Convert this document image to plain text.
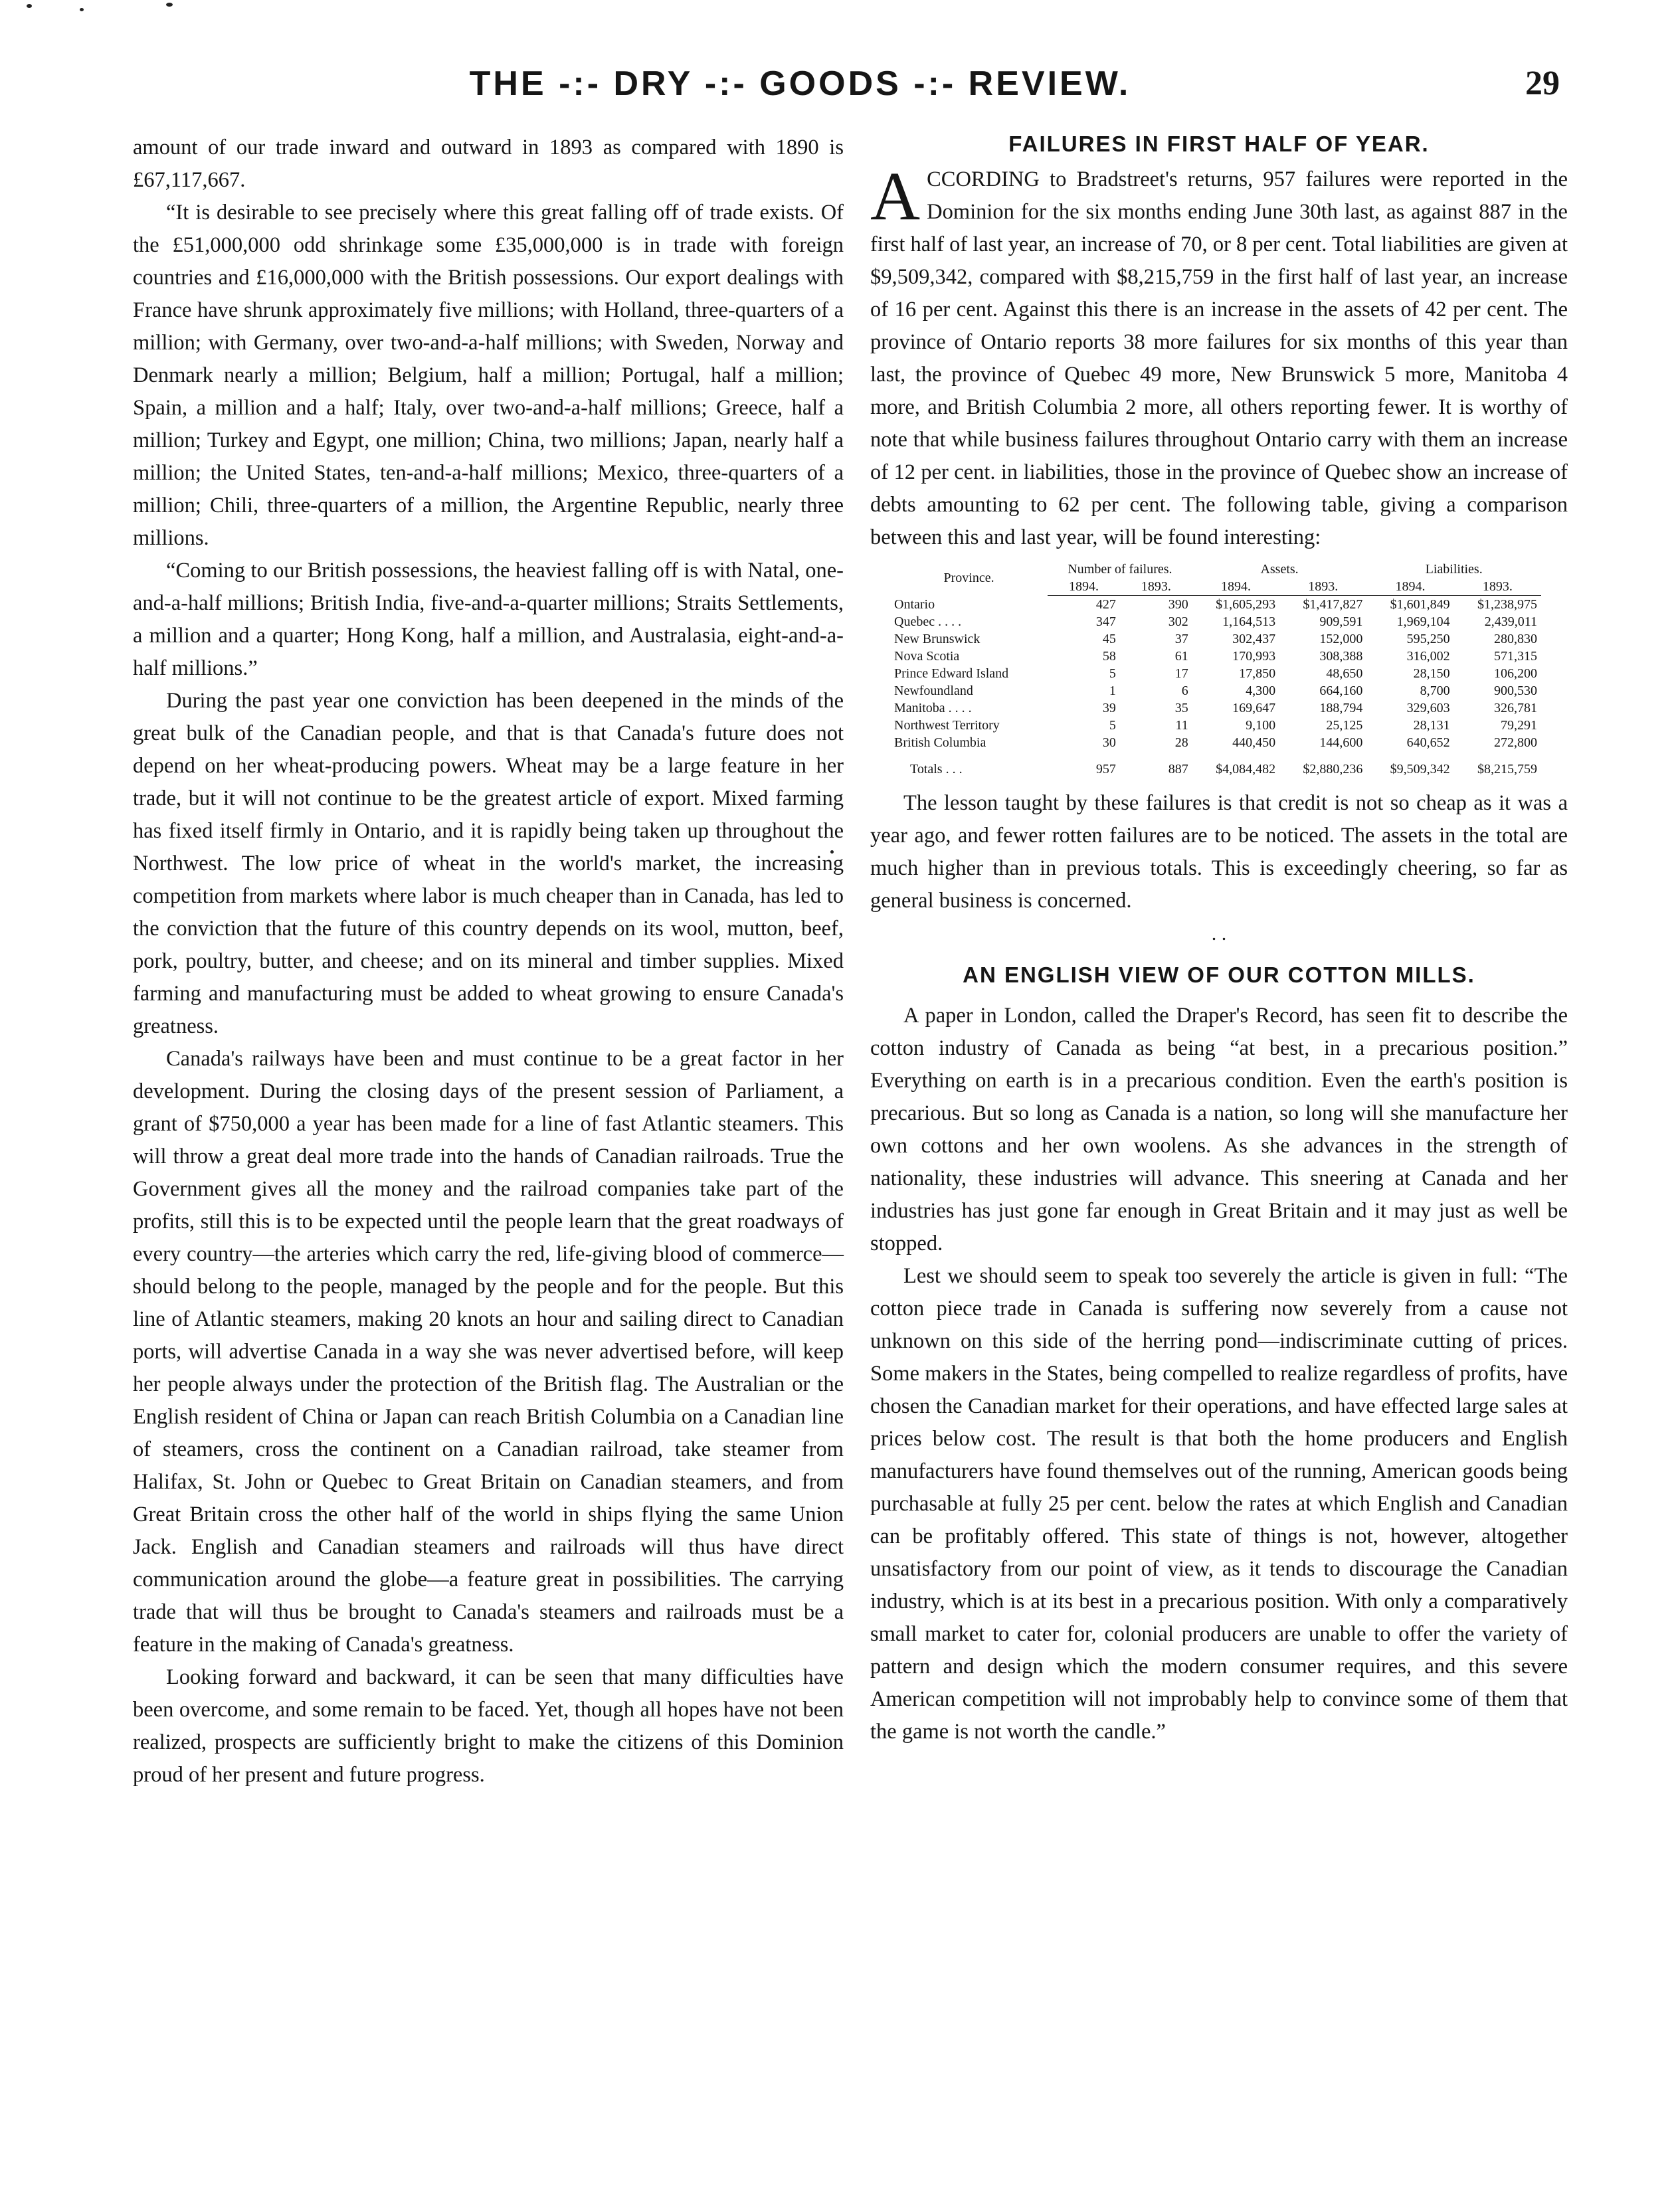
THE -:- DRY -:- GOODS -:- REVIEW.	29

amount of our trade inward and outward in 1893 as compared with 1890 is £67,117,667.

“It is desirable to see precisely where this great falling off of trade exists. Of the £51,000,000 odd shrinkage some £35,000,000 is in trade with foreign countries and £16,000,000 with the British possessions. Our export dealings with France have shrunk approximately five millions; with Holland, three-quarters of a million; with Germany, over two-and-a-half millions; with Sweden, Norway and Denmark nearly a million; Belgium, half a million; Portugal, half a million; Spain, a million and a half; Italy, over two-and-a-half millions; Greece, half a million; Turkey and Egypt, one million; China, two millions; Japan, nearly half a million; the United States, ten-and-a-half millions; Mexico, three-quarters of a million; Chili, three-quarters of a million, the Argentine Republic, nearly three millions.

“Coming to our British possessions, the heaviest falling off is with Natal, one-and-a-half millions; British India, five-and-a-quarter millions; Straits Settlements, a million and a quarter; Hong Kong, half a million, and Australasia, eight-and-a-half millions.”

During the past year one conviction has been deepened in the minds of the great bulk of the Canadian people, and that is that Canada's future does not depend on her wheat-producing powers. Wheat may be a large feature in her trade, but it will not continue to be the greatest article of export. Mixed farming has fixed itself firmly in Ontario, and it is rapidly being taken up throughout the Northwest. The low price of wheat in the world's market, the increasing competition from markets where labor is much cheaper than in Canada, has led to the conviction that the future of this country depends on its wool, mutton, beef, pork, poultry, butter, and cheese; and on its mineral and timber supplies. Mixed farming and manufacturing must be added to wheat growing to ensure Canada's greatness.

Canada's railways have been and must continue to be a great factor in her development. During the closing days of the present session of Parliament, a grant of $750,000 a year has been made for a line of fast Atlantic steamers. This will throw a great deal more trade into the hands of Canadian railroads. True the Government gives all the money and the railroad companies take part of the profits, still this is to be expected until the people learn that the great roadways of every country—the arteries which carry the red, life-giving blood of commerce—should belong to the people, managed by the people and for the people. But this line of Atlantic steamers, making 20 knots an hour and sailing direct to Canadian ports, will advertise Canada in a way she was never advertised before, will keep her people always under the protection of the British flag. The Australian or the English resident of China or Japan can reach British Columbia on a Canadian line of steamers, cross the continent on a Canadian railroad, take steamer from Halifax, St. John or Quebec to Great Britain on Canadian steamers, and from Great Britain cross the other half of the world in ships flying the same Union Jack. English and Canadian steamers and railroads will thus have direct communication around the globe—a feature great in possibilities. The carrying trade that will thus be brought to Canada's steamers and railroads must be a feature in the making of Canada's greatness.

Looking forward and backward, it can be seen that many difficulties have been overcome, and some remain to be faced. Yet, though all hopes have not been realized, prospects are sufficiently bright to make the citizens of this Dominion proud of her present and future progress.

FAILURES IN FIRST HALF OF YEAR.

ACCORDING to Bradstreet's returns, 957 failures were reported in the Dominion for the six months ending June 30th last, as against 887 in the first half of last year, an increase of 70, or 8 per cent. Total liabilities are given at $9,509,342, compared with $8,215,759 in the first half of last year, an increase of 16 per cent. Against this there is an increase in the assets of 42 per cent. The province of Ontario reports 38 more failures for six months of this year than last, the province of Quebec 49 more, New Brunswick 5 more, Manitoba 4 more, and British Columbia 2 more, all others reporting fewer. It is worthy of note that while business failures throughout Ontario carry with them an increase of 12 per cent. in liabilities, those in the province of Quebec show an increase of debts amounting to 62 per cent. The following table, giving a comparison between this and last year, will be found interesting:

Province.	Number of failures.		Assets.		Liabilities.	
	1894.	1893.	1894.	1893.	1894.	1893.
Ontario	427	390	$1,605,293	$1,417,827	$1,601,849	$1,238,975
Quebec . . . .	347	302	1,164,513	909,591	1,969,104	2,439,011
New Brunswick	45	37	302,437	152,000	595,250	280,830
Nova Scotia	58	61	170,993	308,388	316,002	571,315
Prince Edward Island	5	17	17,850	48,650	28,150	106,200
Newfoundland	1	6	4,300	664,160	8,700	900,530
Manitoba . . . .	39	35	169,647	188,794	329,603	326,781
Northwest Territory	5	11	9,100	25,125	28,131	79,291
British Columbia	30	28	440,450	144,600	640,652	272,800
Totals . . .	957	887	$4,084,482	$2,880,236	$9,509,342	$8,215,759

The lesson taught by these failures is that credit is not so cheap as it was a year ago, and fewer rotten failures are to be noticed. The assets in the total are much higher than in previous totals. This is exceedingly cheering, so far as general business is concerned.

. .
AN ENGLISH VIEW OF OUR COTTON MILLS.

A paper in London, called the Draper's Record, has seen fit to describe the cotton industry of Canada as being “at best, in a precarious position.” Everything on earth is in a precarious condition. Even the earth's position is precarious. But so long as Canada is a nation, so long will she manufacture her own cottons and her own woolens. As she advances in the strength of nationality, these industries will advance. This sneering at Canada and her industries has just gone far enough in Great Britain and it may just as well be stopped.

Lest we should seem to speak too severely the article is given in full: “The cotton piece trade in Canada is suffering now severely from a cause not unknown on this side of the herring pond—indiscriminate cutting of prices. Some makers in the States, being compelled to realize regardless of profits, have chosen the Canadian market for their operations, and have effected large sales at prices below cost. The result is that both the home producers and English manufacturers have found themselves out of the running, American goods being purchasable at fully 25 per cent. below the rates at which English and Canadian can be profitably offered. This state of things is not, however, altogether unsatisfactory from our point of view, as it tends to discourage the Canadian industry, which is at its best in a precarious position. With only a comparatively small market to cater for, colonial producers are unable to offer the variety of pattern and design which the modern consumer requires, and this severe American competition will not improbably help to convince some of them that the game is not worth the candle.”
